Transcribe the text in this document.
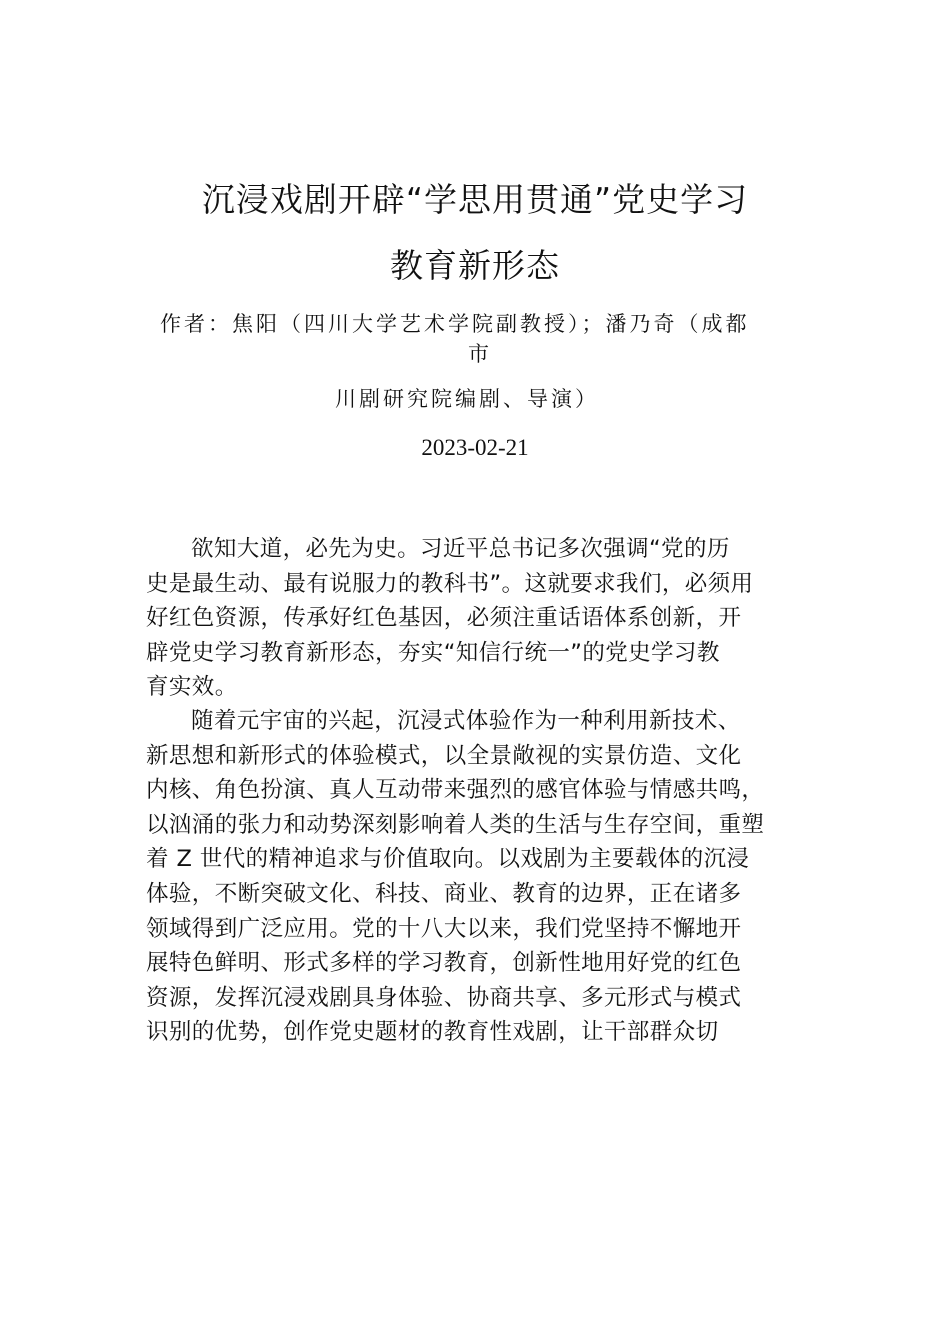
沉浸戏剧开辟“学思用贯通”党史学习
教育新形态
作者：焦阳（四川大学艺术学院副教授）；潘乃奇（成都
市
川剧研究院编剧、导演）
2023-02-21
欲知大道，必先为史。习近平总书记多次强调“党的历
史是最生动、最有说服力的教科书”。这就要求我们，必须用
好红色资源，传承好红色基因，必须注重话语体系创新，开
辟党史学习教育新形态，夯实“知信行统一”的党史学习教
育实效。
随着元宇宙的兴起，沉浸式体验作为一种利用新技术、
新思想和新形式的体验模式，以全景敞视的实景仿造、文化
内核、角色扮演、真人互动带来强烈的感官体验与情感共鸣，
以汹涌的张力和动势深刻影响着人类的生活与生存空间，重塑
着 Z 世代的精神追求与价值取向。以戏剧为主要载体的沉浸
体验，不断突破文化、科技、商业、教育的边界，正在诸多
领域得到广泛应用。党的十八大以来，我们党坚持不懈地开
展特色鲜明、形式多样的学习教育，创新性地用好党的红色
资源，发挥沉浸戏剧具身体验、协商共享、多元形式与模式
识别的优势，创作党史题材的教育性戏剧，让干部群众切
